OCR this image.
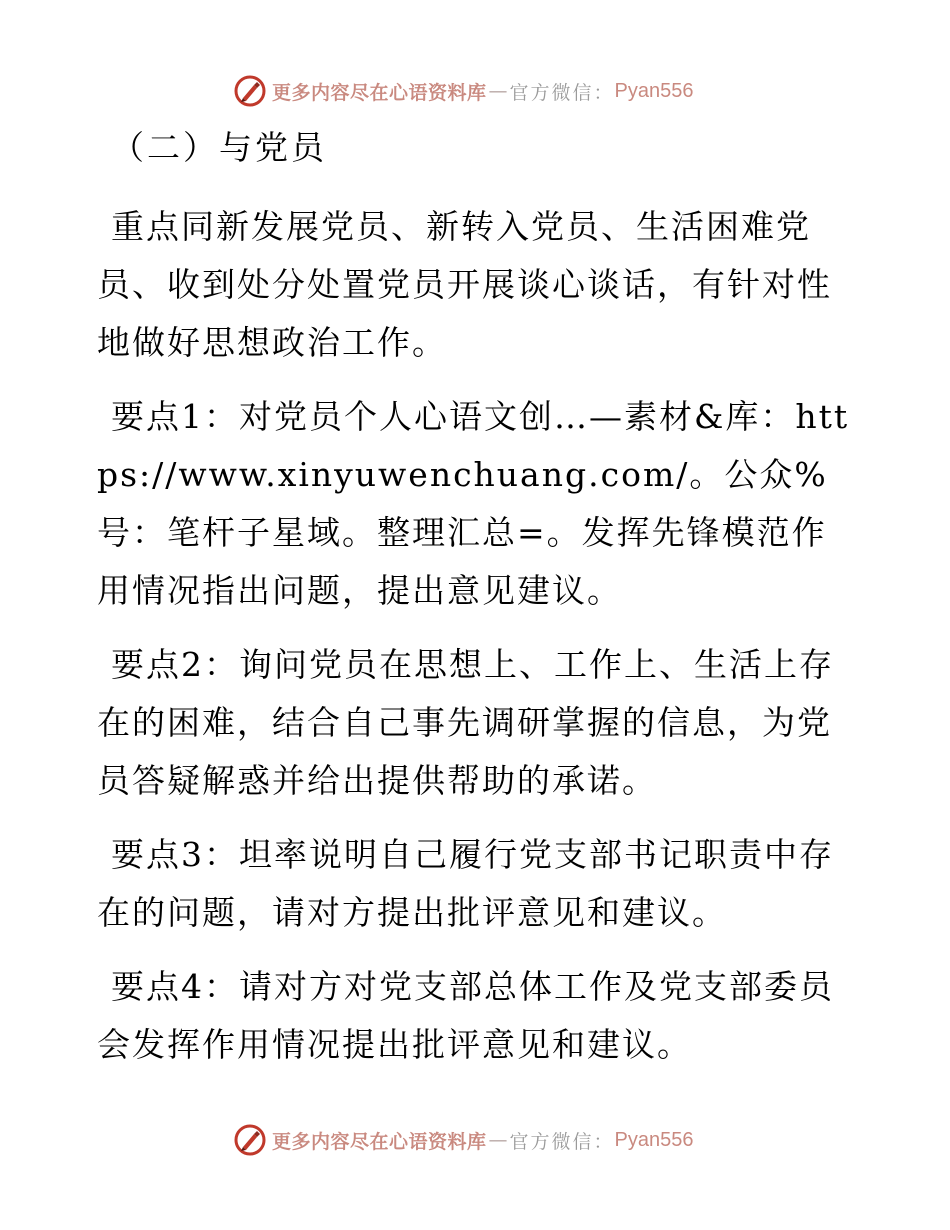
更多内容尽在心语资料库 — 官方微信： Pyan556

（二）与党员

重点同新发展党员、新转入党员、生活困难党员、收到处分处置党员开展谈心谈话，有针对性地做好思想政治工作。

要点1：对党员个人心语文创…—素材&库：https://www.xinyuwenchuang.com/。公众%号：笔杆子星域。整理汇总=。发挥先锋模范作用情况指出问题，提出意见建议。

要点2：询问党员在思想上、工作上、生活上存在的困难，结合自己事先调研掌握的信息，为党员答疑解惑并给出提供帮助的承诺。

要点3：坦率说明自己履行党支部书记职责中存在的问题，请对方提出批评意见和建议。

要点4：请对方对党支部总体工作及党支部委员会发挥作用情况提出批评意见和建议。

更多内容尽在心语资料库 — 官方微信： Pyan556
